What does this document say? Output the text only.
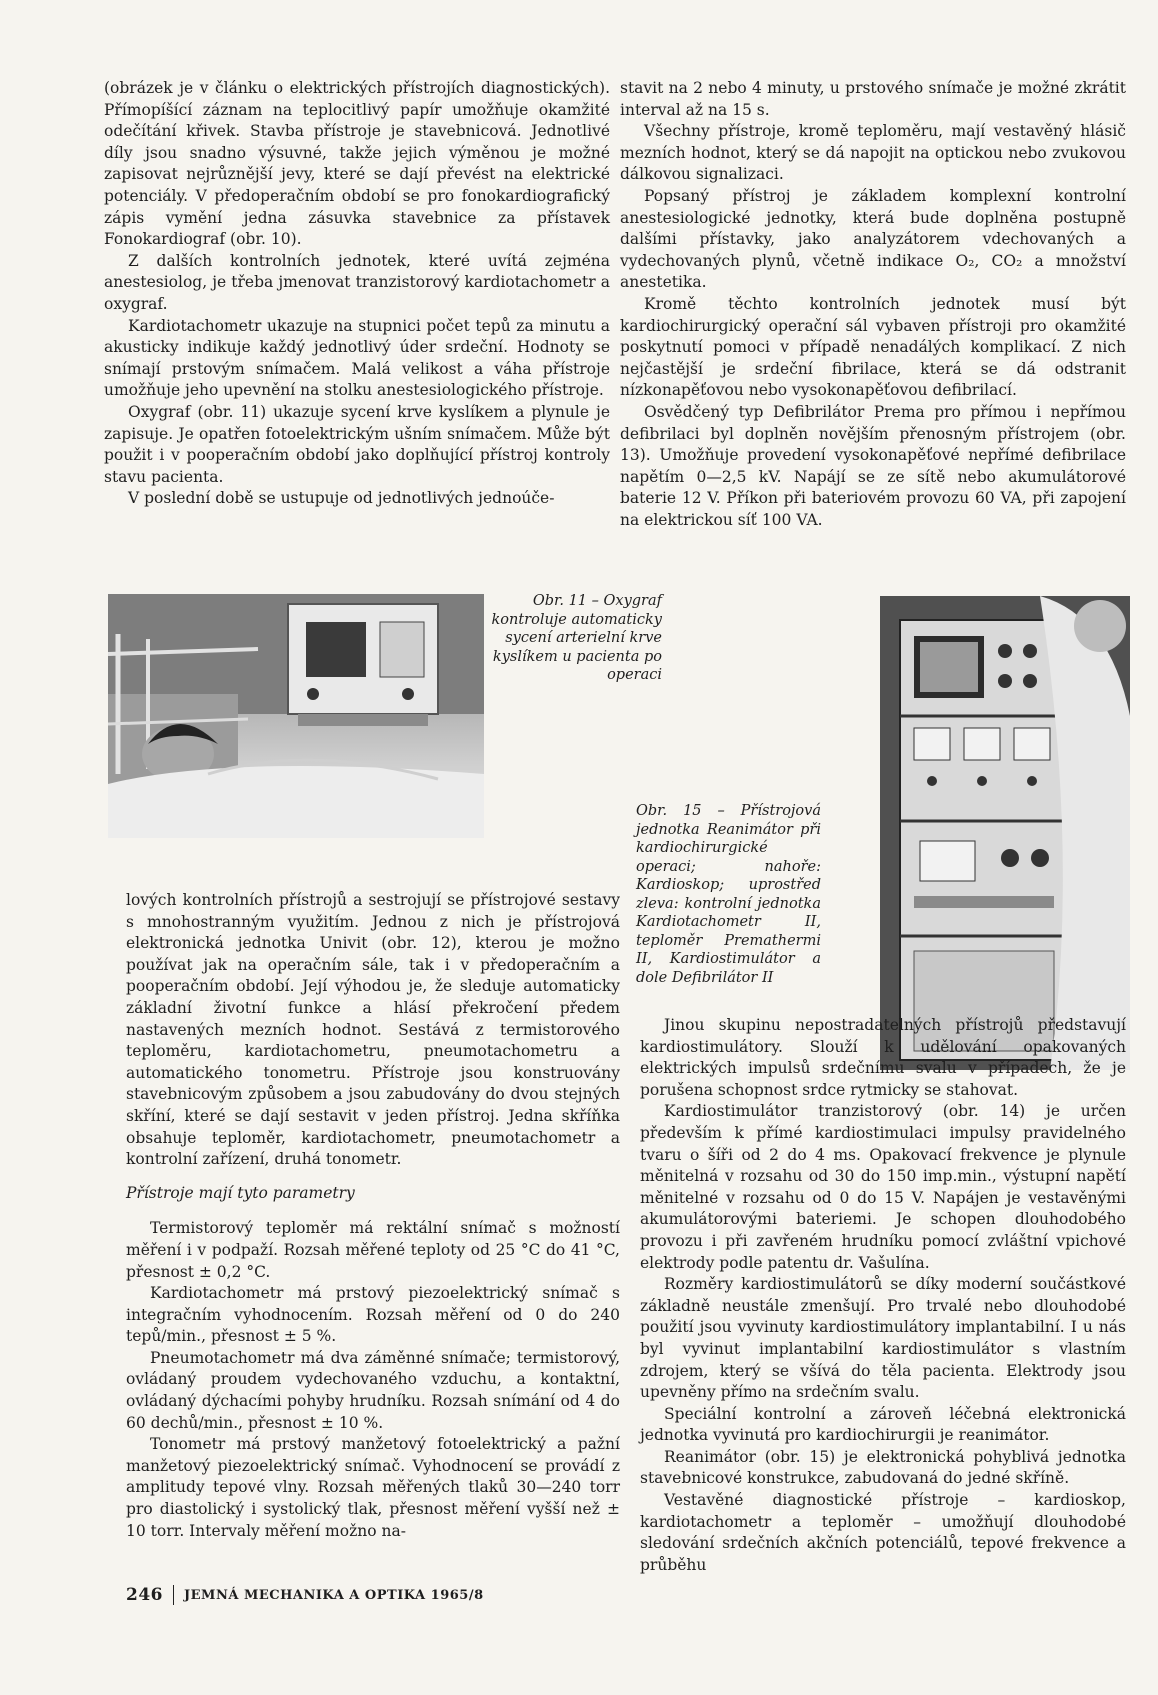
(obrázek je v článku o elektrických přístrojích diagnostických). Přímopíšící záznam na teplocitlivý papír umožňuje okamžité odečítání křivek. Stavba přístroje je stavebnicová. Jednotlivé díly jsou snadno výsuvné, takže jejich výměnou je možné zapisovat nejrůznější jevy, které se dají převést na elektrické potenciály. V předoperačním období se pro fonokardiografický zápis vymění jedna zásuvka stavebnice za přístavek Fonokardiograf (obr. 10).

Z dalších kontrolních jednotek, které uvítá zejména anestesiolog, je třeba jmenovat tranzistorový kardiotachometr a oxygraf.

Kardiotachometr ukazuje na stupnici počet tepů za minutu a akusticky indikuje každý jednotlivý úder srdeční. Hodnoty se snímají prstovým snímačem. Malá velikost a váha přístroje umožňuje jeho upevnění na stolku anestesiologického přístroje.

Oxygraf (obr. 11) ukazuje sycení krve kyslíkem a plynule je zapisuje. Je opatřen fotoelektrickým ušním snímačem. Může být použit i v pooperačním období jako doplňující přístroj kontroly stavu pacienta.

V poslední době se ustupuje od jednotlivých jednoúče-

stavit na 2 nebo 4 minuty, u prstového snímače je možné zkrátit interval až na 15 s.

Všechny přístroje, kromě teploměru, mají vestavěný hlásič mezních hodnot, který se dá napojit na optickou nebo zvukovou dálkovou signalizaci.

Popsaný přístroj je základem komplexní kontrolní anestesiologické jednotky, která bude doplněna postupně dalšími přístavky, jako analyzátorem vdechovaných a vydechovaných plynů, včetně indikace O₂, CO₂ a množství anestetika.

Kromě těchto kontrolních jednotek musí být kardiochirurgický operační sál vybaven přístroji pro okamžité poskytnutí pomoci v případě nenadálých komplikací. Z nich nejčastější je srdeční fibrilace, která se dá odstranit nízkonapěťovou nebo vysokonapěťovou defibrilací.

Osvědčený typ Defibrilátor Prema pro přímou i nepřímou defibrilaci byl doplněn novějším přenosným přístrojem (obr. 13). Umožňuje provedení vysokonapěťové nepřímé defibrilace napětím 0—2,5 kV. Napájí se ze sítě nebo akumulátorové baterie 12 V. Příkon při bateriovém provozu 60 VA, při zapojení na elektrickou síť 100 VA.

Obr. 11 – Oxygraf kontroluje automaticky sycení arterielní krve kyslíkem u pacienta po operaci
Obr. 15 – Přístrojová jednotka Reanimátor při kardiochirurgické operaci; nahoře: Kardioskop; uprostřed zleva: kontrolní jednotka Kardiotachometr II, teploměr Premathermi II, Kardiostimulátor a dole Defibrilátor II

lových kontrolních přístrojů a sestrojují se přístrojové sestavy s mnohostranným využitím. Jednou z nich je přístrojová elektronická jednotka Univit (obr. 12), kterou je možno používat jak na operačním sále, tak i v předoperačním a pooperačním období. Její výhodou je, že sleduje automaticky základní životní funkce a hlásí překročení předem nastavených mezních hodnot. Sestává z termistorového teploměru, kardiotachometru, pneumotachometru a automatického tonometru. Přístroje jsou konstruovány stavebnicovým způsobem a jsou zabudovány do dvou stejných skříní, které se dají sestavit v jeden přístroj. Jedna skříňka obsahuje teploměr, kardiotachometr, pneumotachometr a kontrolní zařízení, druhá tonometr.

Přístroje mají tyto parametry

Termistorový teploměr má rektální snímač s možností měření i v podpaží. Rozsah měřené teploty od 25 °C do 41 °C, přesnost ± 0,2 °C.

Kardiotachometr má prstový piezoelektrický snímač s integračním vyhodnocením. Rozsah měření od 0 do 240 tepů/min., přesnost ± 5 %.

Pneumotachometr má dva záměnné snímače; termistorový, ovládaný proudem vydechovaného vzduchu, a kontaktní, ovládaný dýchacími pohyby hrudníku. Rozsah snímání od 4 do 60 dechů/min., přesnost ± 10 %.

Tonometr má prstový manžetový fotoelektrický a pažní manžetový piezoelektrický snímač. Vyhodnocení se provádí z amplitudy tepové vlny. Rozsah měřených tlaků 30—240 torr pro diastolický i systolický tlak, přesnost měření vyšší než ± 10 torr. Intervaly měření možno na-

Jinou skupinu nepostradatelných přístrojů představují kardiostimulátory. Slouží k udělování opakovaných elektrických impulsů srdečnímu svalu v případech, že je porušena schopnost srdce rytmicky se stahovat.

Kardiostimulátor tranzistorový (obr. 14) je určen především k přímé kardiostimulaci impulsy pravidelného tvaru o šíři od 2 do 4 ms. Opakovací frekvence je plynule měnitelná v rozsahu od 30 do 150 imp.min., výstupní napětí měnitelné v rozsahu od 0 do 15 V. Napájen je vestavěnými akumulátorovými bateriemi. Je schopen dlouhodobého provozu i při zavřeném hrudníku pomocí zvláštní vpichové elektrody podle patentu dr. Vašulína.

Rozměry kardiostimulátorů se díky moderní součástkové základně neustále zmenšují. Pro trvalé nebo dlouhodobé použití jsou vyvinuty kardiostimulátory implantabilní. I u nás byl vyvinut implantabilní kardiostimulátor s vlastním zdrojem, který se všívá do těla pacienta. Elektrody jsou upevněny přímo na srdečním svalu.

Speciální kontrolní a zároveň léčebná elektronická jednotka vyvinutá pro kardiochirurgii je reanimátor.

Reanimátor (obr. 15) je elektronická pohyblivá jednotka stavebnicové konstrukce, zabudovaná do jedné skříně.

Vestavěné diagnostické přístroje – kardioskop, kardiotachometr a teploměr – umožňují dlouhodobé sledování srdečních akčních potenciálů, tepové frekvence a průběhu

246 JEMNÁ MECHANIKA A OPTIKA 1965/8
